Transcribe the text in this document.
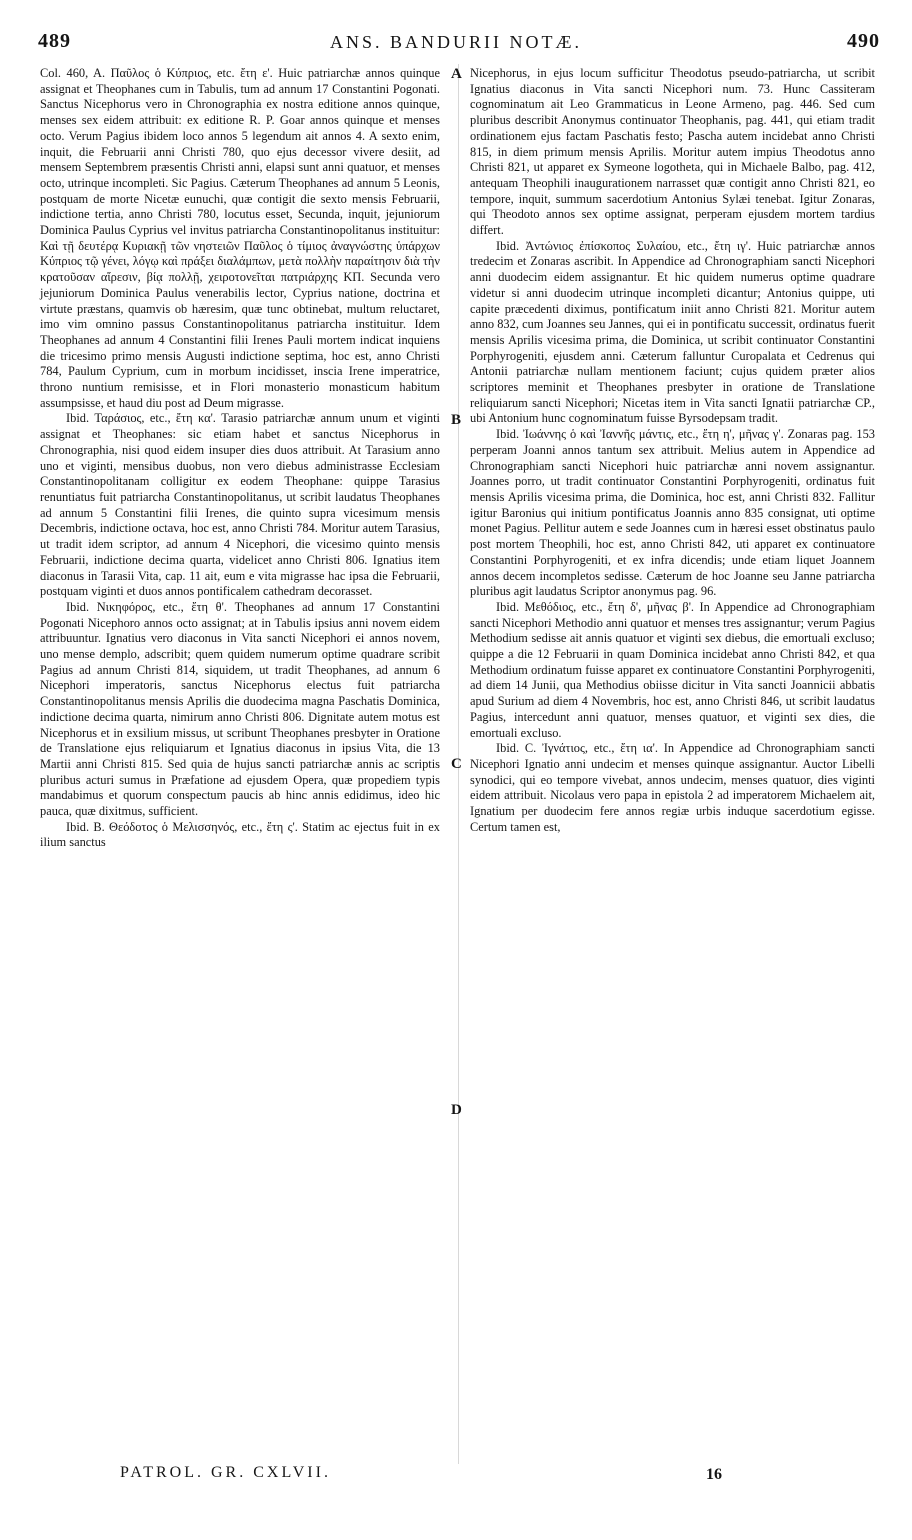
489	ANS. BANDURII NOTÆ.	490

Col. 460, A. Παῦλος ὁ Κύπριος, etc. ἔτη ε'. Huic patriarchæ annos quinque assignat et Theophanes cum in Tabulis, tum ad annum 17 Constantini Pogonati. Sanctus Nicephorus vero in Chronographia ex nostra editione annos quinque, menses sex eidem attribuit: ex editione R. P. Goar annos quinque et menses octo. Verum Pagius ibidem loco annos 5 legendum ait annos 4. A sexto enim, inquit, die Februarii anni Christi 780, quo ejus decessor vivere desiit, ad mensem Septembrem præsentis Christi anni, elapsi sunt anni quatuor, et menses octo, utrinque incompleti. Sic Pagius. Cæterum Theophanes ad annum 5 Leonis, postquam de morte Nicetæ eunuchi, quæ contigit die sexto mensis Februarii, indictione tertia, anno Christi 780, locutus esset, Secunda, inquit, jejuniorum Dominica Paulus Cyprius vel invitus patriarcha Constantinopolitanus instituitur: Καὶ τῇ δευτέρᾳ Κυριακῇ τῶν νηστειῶν Παῦλος ὁ τίμιος ἀναγνώστης ὑπάρχων Κύπριος τῷ γένει, λόγῳ καὶ πράξει διαλάμπων, μετὰ πολλὴν παραίτησιν διὰ τὴν κρατοῦσαν αἵρεσιν, βίᾳ πολλῇ, χειροτονεῖται πατριάρχης ΚΠ. Secunda vero jejuniorum Dominica Paulus venerabilis lector, Cyprius natione, doctrina et virtute præstans, quamvis ob hæresim, quæ tunc obtinebat, multum reluctaret, imo vim omnino passus Constantinopolitanus patriarcha instituitur. Idem Theophanes ad annum 4 Constantini filii Irenes Pauli mortem indicat inquiens die tricesimo primo mensis Augusti indictione septima, hoc est, anno Christi 784, Paulum Cyprium, cum in morbum incidisset, inscia Irene imperatrice, throno nuntium remisisse, et in Flori monasterio monasticum habitum assumpsisse, et haud diu post ad Deum migrasse.

Ibid. Ταράσιος, etc., ἔτη κα'. Tarasio patriarchæ annum unum et viginti assignat et Theophanes: sic etiam habet et sanctus Nicephorus in Chronographia, nisi quod eidem insuper dies duos attribuit. At Tarasium anno uno et viginti, mensibus duobus, non vero diebus administrasse Ecclesiam Constantinopolitanam colligitur ex eodem Theophane: quippe Tarasius renuntiatus fuit patriarcha Constantinopolitanus, ut scribit laudatus Theophanes ad annum 5 Constantini filii Irenes, die quinto supra vicesimum mensis Decembris, indictione octava, hoc est, anno Christi 784. Moritur autem Tarasius, ut tradit idem scriptor, ad annum 4 Nicephori, die vicesimo quinto mensis Februarii, indictione decima quarta, videlicet anno Christi 806. Ignatius item diaconus in Tarasii Vita, cap. 11 ait, eum e vita migrasse hac ipsa die Februarii, postquam viginti et duos annos pontificalem cathedram decorasset.

Ibid. Νικηφόρος, etc., ἔτη θ'. Theophanes ad annum 17 Constantini Pogonati Nicephoro annos octo assignat; at in Tabulis ipsius anni novem eidem attribuuntur. Ignatius vero diaconus in Vita sancti Nicephori ei annos novem, uno mense demplo, adscribit; quem quidem numerum optime quadrare scribit Pagius ad annum Christi 814, siquidem, ut tradit Theophanes, ad annum 6 Nicephori imperatoris, sanctus Nicephorus electus fuit patriarcha Constantinopolitanus mensis Aprilis die duodecima magna Paschatis Dominica, indictione decima quarta, nimirum anno Christi 806. Dignitate autem motus est Nicephorus et in exsilium missus, ut scribunt Theophanes presbyter in Oratione de Translatione ejus reliquiarum et Ignatius diaconus in ipsius Vita, die 13 Martii anni Christi 815. Sed quia de hujus sancti patriarchæ annis ac scriptis pluribus acturi sumus in Præfatione ad ejusdem Opera, quæ propediem typis mandabimus et quorum conspectum paucis ab hinc annis edidimus, ideo hic pauca, quæ dixitmus, sufficient.

Ibid. B. Θεόδοτος ὁ Μελισσηνός, etc., ἔτη ς'. Statim ac ejectus fuit in ex ilium sanctus

A
B
C
D

Nicephorus, in ejus locum sufficitur Theodotus pseudo-patriarcha, ut scribit Ignatius diaconus in Vita sancti Nicephori num. 73. Hunc Cassiteram cognominatum ait Leo Grammaticus in Leone Armeno, pag. 446. Sed cum pluribus describit Anonymus continuator Theophanis, pag. 441, qui etiam tradit ordinationem ejus factam Paschatis festo; Pascha autem incidebat anno Christi 815, in diem primum mensis Aprilis. Moritur autem impius Theodotus anno Christi 821, ut apparet ex Symeone logotheta, qui in Michaele Balbo, pag. 412, antequam Theophili inaugurationem narrasset quæ contigit anno Christi 821, eo tempore, inquit, summum sacerdotium Antonius Sylæi tenebat. Igitur Zonaras, qui Theodoto annos sex optime assignat, perperam ejusdem mortem tardius differt.

Ibid. Ἀντώνιος ἐπίσκοπος Συλαίου, etc., ἔτη ιγ'. Huic patriarchæ annos tredecim et Zonaras ascribit. In Appendice ad Chronographiam sancti Nicephori anni duodecim eidem assignantur. Et hic quidem numerus optime quadrare videtur si anni duodecim utrinque incompleti dicantur; Antonius quippe, uti capite præcedenti diximus, pontificatum iniit anno Christi 821. Moritur autem anno 832, cum Joannes seu Jannes, qui ei in pontificatu successit, ordinatus fuerit mensis Aprilis vicesima prima, die Dominica, ut scribit continuator Constantini Porphyrogeniti, ejusdem anni. Cæterum falluntur Curopalata et Cedrenus qui Antonii patriarchæ nullam mentionem faciunt; cujus quidem præter alios scriptores meminit et Theophanes presbyter in oratione de Translatione reliquiarum sancti Nicephori; Nicetas item in Vita sancti Ignatii patriarchæ CP., ubi Antonium hunc cognominatum fuisse Byrsodepsam tradit.

Ibid. Ἰωάννης ὁ καὶ Ἰαννῆς μάντις, etc., ἔτη η', μῆνας γ'. Zonaras pag. 153 perperam Joanni annos tantum sex attribuit. Melius autem in Appendice ad Chronographiam sancti Nicephori huic patriarchæ anni novem assignantur. Joannes porro, ut tradit continuator Constantini Porphyrogeniti, ordinatus fuit mensis Aprilis vicesima prima, die Dominica, hoc est, anni Christi 832. Fallitur igitur Baronius qui initium pontificatus Joannis anno 835 consignat, uti optime monet Pagius. Pellitur autem e sede Joannes cum in hæresi esset obstinatus paulo post mortem Theophili, hoc est, anno Christi 842, uti apparet ex continuatore Constantini Porphyrogeniti, et ex infra dicendis; unde etiam liquet Joannem annos decem incompletos sedisse. Cæterum de hoc Joanne seu Janne patriarcha pluribus agit laudatus Scriptor anonymus pag. 96.

Ibid. Μεθόδιος, etc., ἔτη δ', μῆνας β'. In Appendice ad Chronographiam sancti Nicephori Methodio anni quatuor et menses tres assignantur; verum Pagius Methodium sedisse ait annis quatuor et viginti sex diebus, die emortuali excluso; quippe a die 12 Februarii in quam Dominica incidebat anno Christi 842, et qua Methodium ordinatum fuisse apparet ex continuatore Constantini Porphyrogeniti, ad diem 14 Junii, qua Methodius obiisse dicitur in Vita sancti Joannicii abbatis apud Surium ad diem 4 Novembris, hoc est, anno Christi 846, ut scribit laudatus Pagius, intercedunt anni quatuor, menses quatuor, et viginti sex dies, die emortuali excluso.

Ibid. C. Ἰγνάτιος, etc., ἔτη ια'. In Appendice ad Chronographiam sancti Nicephori Ignatio anni undecim et menses quinque assignantur. Auctor Libelli synodici, qui eo tempore vivebat, annos undecim, menses quatuor, dies viginti eidem attribuit. Nicolaus vero papa in epistola 2 ad imperatorem Michaelem ait, Ignatium per duodecim fere annos regiæ urbis induque sacerdotium egisse. Certum tamen est,

PATROL. GR. CXLVII.	16
